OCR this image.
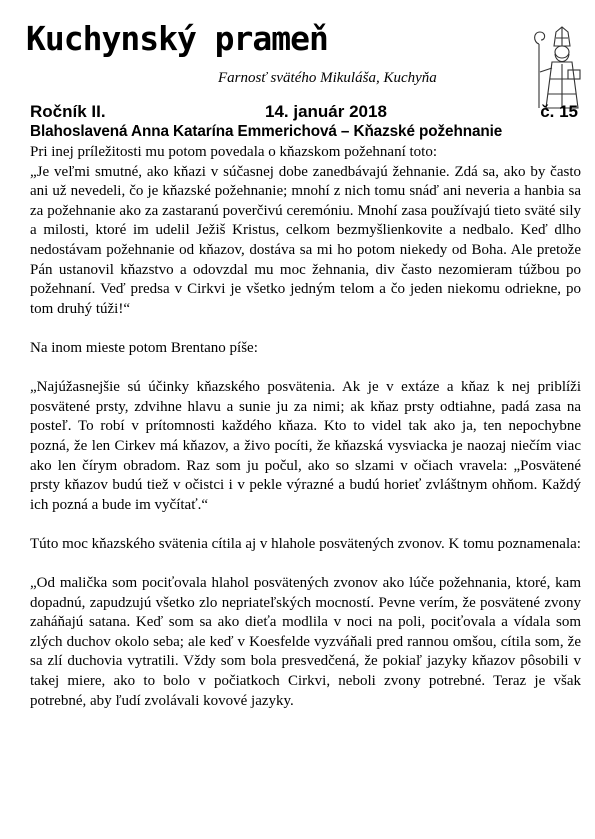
Kuchynský prameň
Farnosť svätého Mikuláša, Kuchyňa
Ročník II.	14. január 2018	č. 15
Blahoslavená Anna Katarína Emmerichová – Kňazské požehnanie

Pri inej príležitosti mu potom povedala o kňazskom požehnaní toto:

„Je veľmi smutné, ako kňazi v súčasnej dobe zanedbávajú žehnanie. Zdá sa, ako by často ani už nevedeli, čo je kňazské požehnanie; mnohí z nich tomu snáď ani neveria a hanbia sa za požehnanie ako za zastaranú poverčivú ceremóniu. Mnohí zasa používajú tieto sväté sily a milosti, ktoré im udelil Ježiš Kristus, celkom bezmyšlienkovite a nedbalo. Keď dlho nedostávam požehnanie od kňazov, dostáva sa mi ho potom niekedy od Boha. Ale pretože Pán ustanovil kňazstvo a odovzdal mu moc žehnania, div často nezomieram túžbou po požehnaní. Veď predsa v Cirkvi je všetko jedným telom a čo jeden niekomu odriekne, po tom druhý túži!“

Na inom mieste potom Brentano píše:

„Najúžasnejšie sú účinky kňazského posvätenia. Ak je v extáze a kňaz k nej priblíži posvätené prsty, zdvihne hlavu a sunie ju za nimi; ak kňaz prsty odtiahne, padá zasa na posteľ. To robí v prítomnosti každého kňaza. Kto to videl tak ako ja, ten nepochybne pozná, že len Cirkev má kňazov, a živo pocíti, že kňazská vysviacka je naozaj niečím viac ako len čírym obradom. Raz som ju počul, ako so slzami v očiach vravela: „Posvätené prsty kňazov budú tiež v očistci i v pekle výrazné a budú horieť zvláštnym ohňom. Každý ich pozná a bude im vyčítať.“

Túto moc kňazského svätenia cítila aj v hlahole posvätených zvonov. K tomu poznamenala:

„Od malička som pociťovala hlahol posvätených zvonov ako lúče požehnania, ktoré, kam dopadnú, zapudzujú všetko zlo nepriateľských mocností. Pevne verím, že posvätené zvony zaháňajú satana. Keď som sa ako dieťa modlila v noci na poli, pociťovala a vídala som zlých duchov okolo seba; ale keď v Koesfelde vyzváňali pred rannou omšou, cítila som, že sa zlí duchovia vytratili. Vždy som bola presvedčená, že pokiaľ jazyky kňazov pôsobili v takej miere, ako to bolo v počiatkoch Cirkvi, neboli zvony potrebné. Teraz je však potrebné, aby ľudí zvolávali kovové jazyky.
